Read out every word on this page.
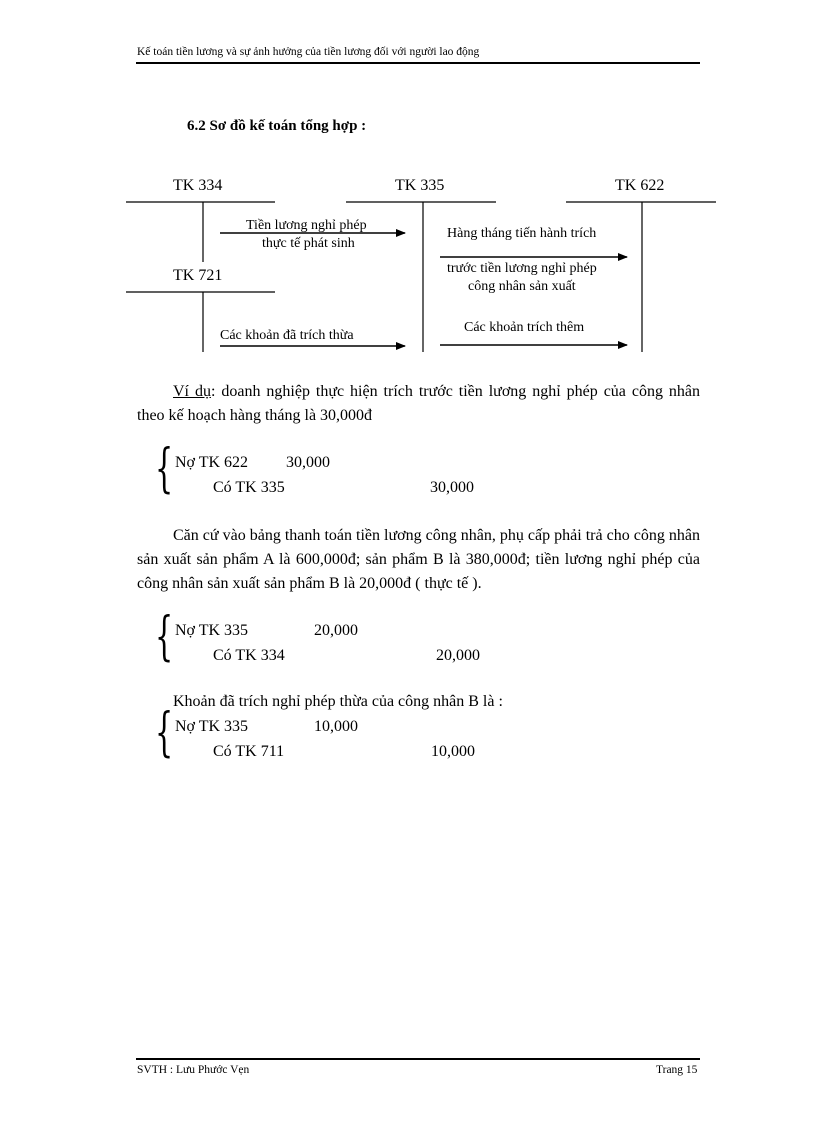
Kế toán tiền lương và sự ảnh hưởng của tiền lương đối với người lao động
6.2 Sơ đồ kế toán tổng hợp :
TK 334	TK 335	TK 622
TK 721
Tiền lương nghỉ phép
thực tế phát sinh
Hàng tháng tiến hành trích
trước tiền lương nghỉ phép
công nhân sản xuất
Các khoản đã trích thừa
Các khoản trích thêm
Ví dụ: doanh nghiệp thực hiện trích trước tiền lương nghỉ phép của công nhân theo kế hoạch hàng tháng là 30,000đ
{ Nợ TK 622 30,000
Có TK 335	30,000
Căn cứ vào bảng thanh toán tiền lương công nhân, phụ cấp phải trả cho công nhân sản xuất sản phẩm A là 600,000đ; sản phẩm B là 380,000đ; tiền lương nghỉ phép của công nhân sản xuất sản phẩm B là 20,000đ ( thực tế ).
{ Nợ TK 335	20,000
Có TK 334	20,000
Khoản đã trích nghỉ phép thừa của công nhân B là :
{ Nợ TK 335	10,000
Có TK 711	10,000
SVTH : Lưu Phước Vẹn	Trang 15
